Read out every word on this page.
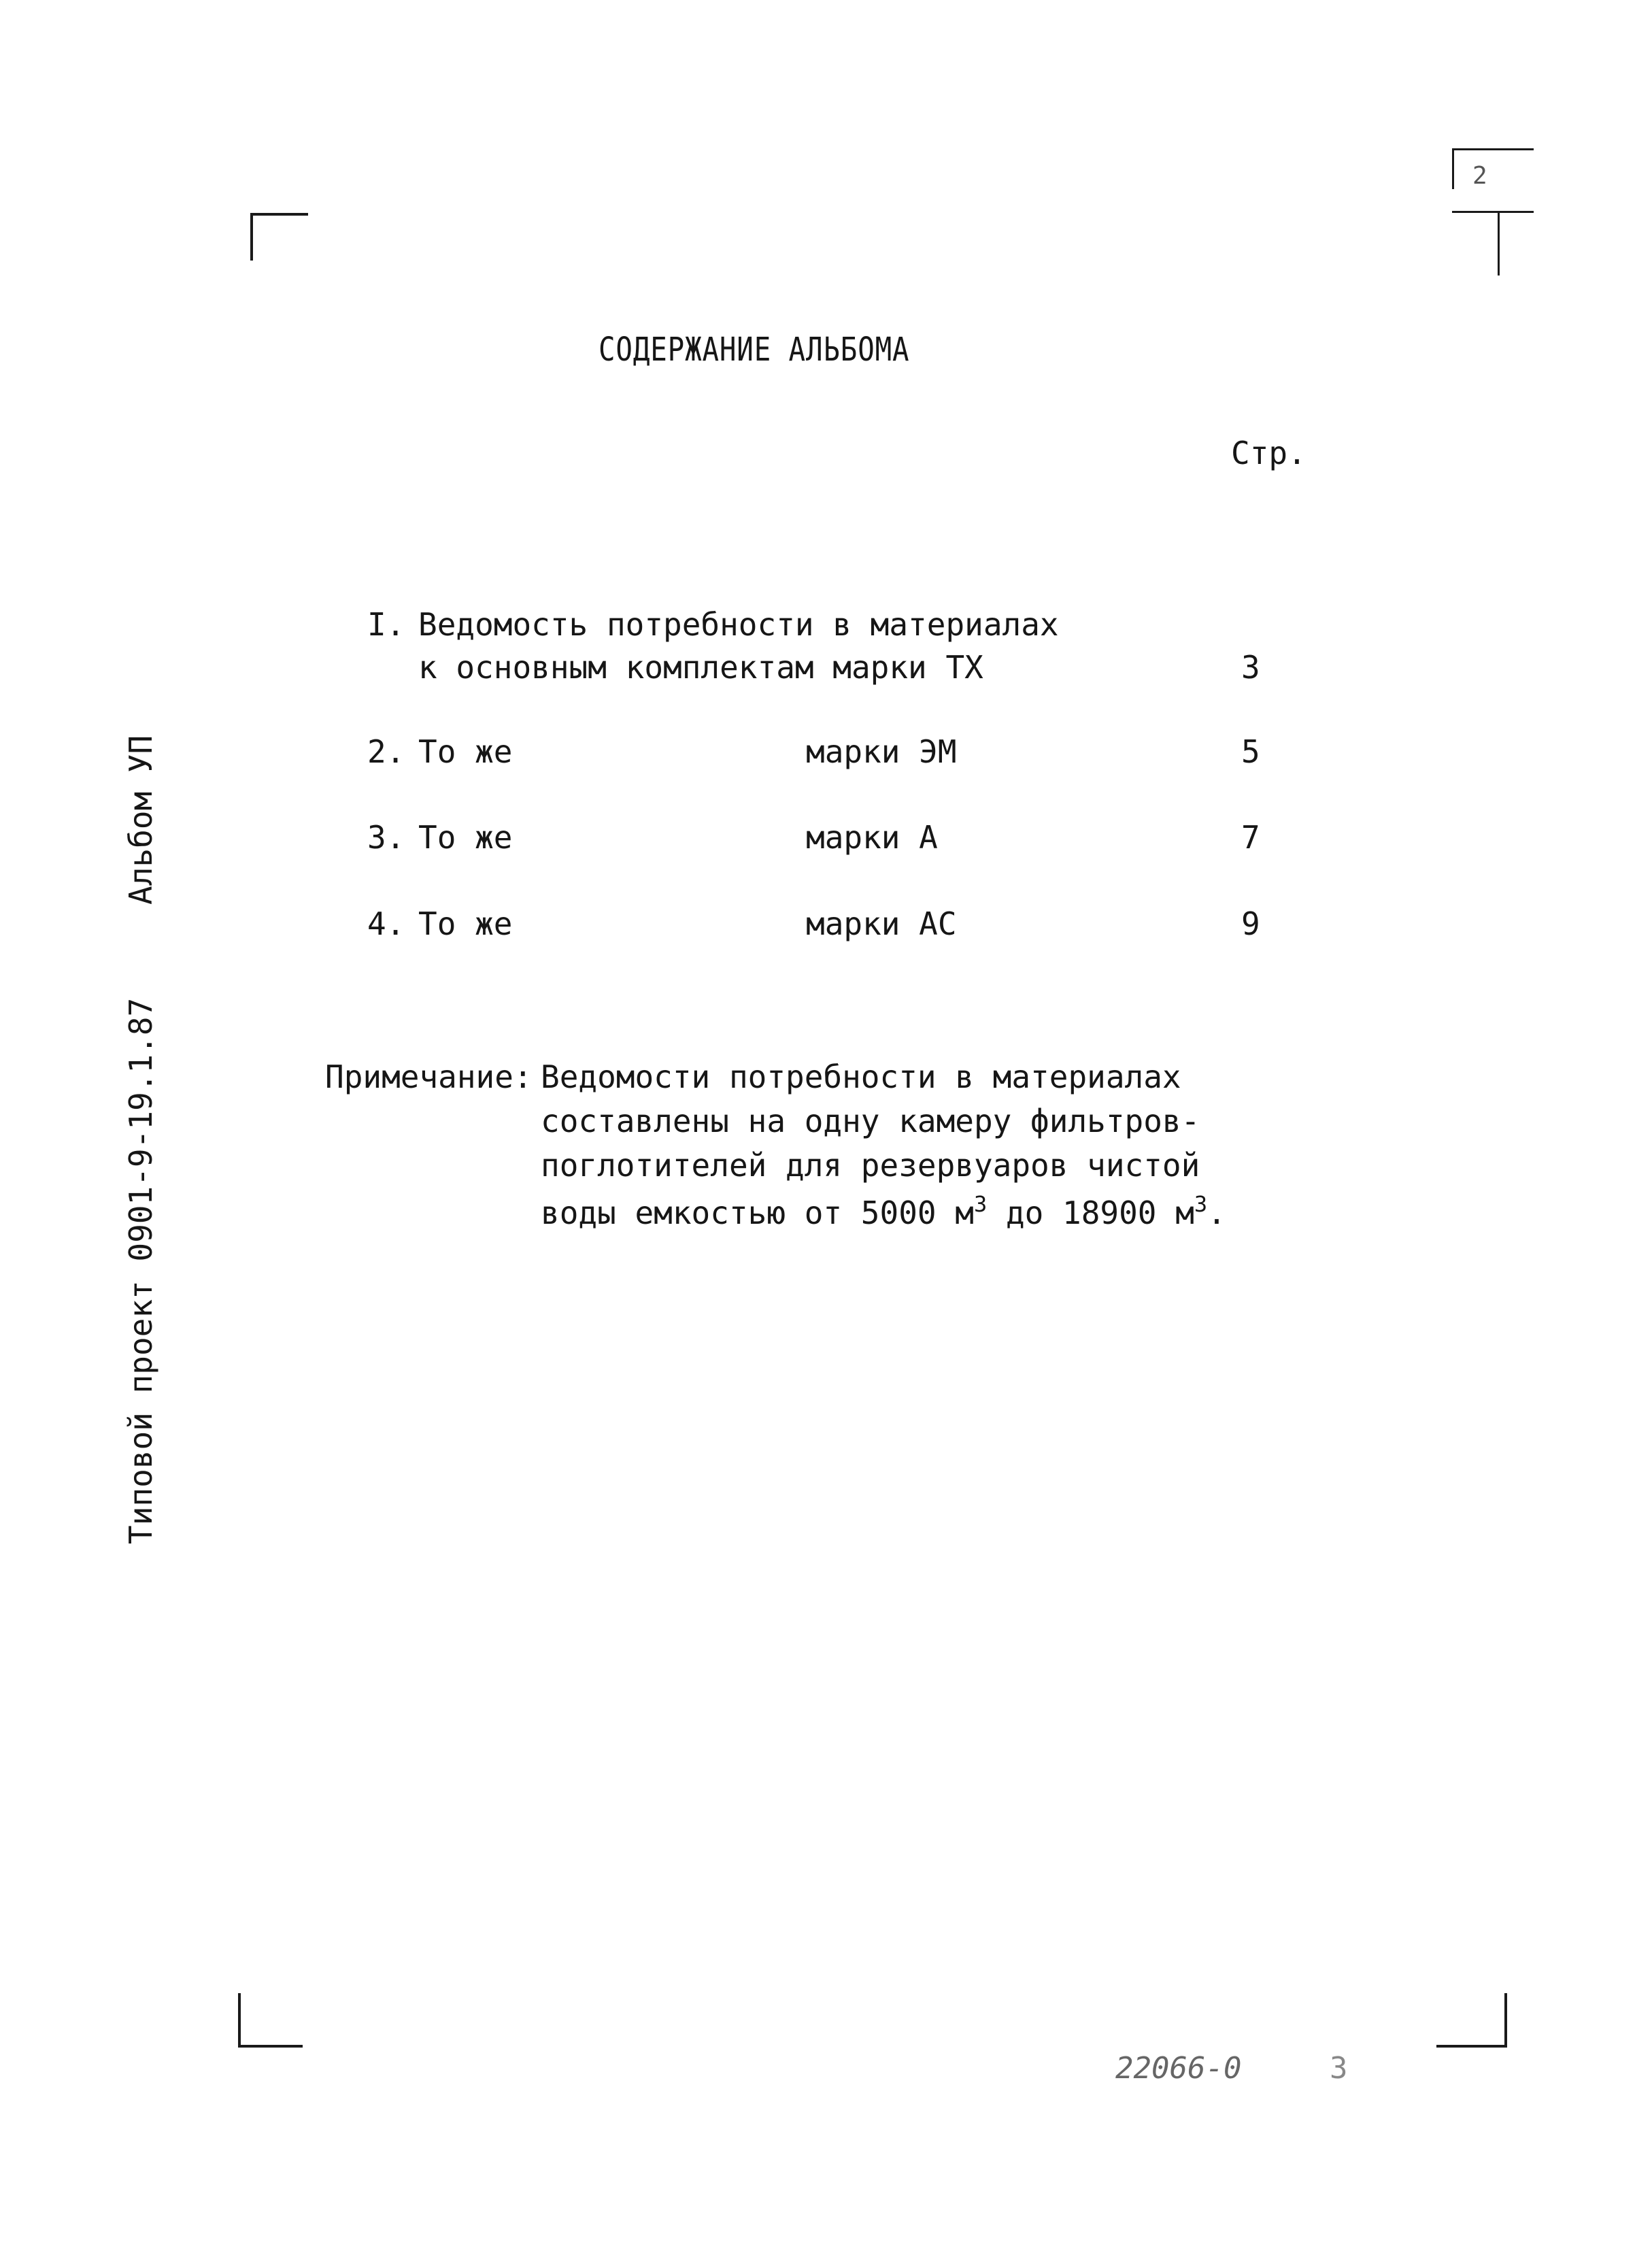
2
СОДЕРЖАНИЕ АЛЬБОМА
Стр.
I. Ведомость потребности в материалах
к основным комплектам марки ТХ	3
2. То же	марки ЭМ	5
3. То же	марки А	7
4. То же	марки АС	9
Примечание: Ведомости потребности в материалах
составлены на одну камеру фильтров-
поглотителей для резервуаров чистой
воды емкостью от 5000 $м^3$ до 18900 $м^3$.
Альбом УП
Типовой проект 0901-9-19.1.87
22066-0	3
